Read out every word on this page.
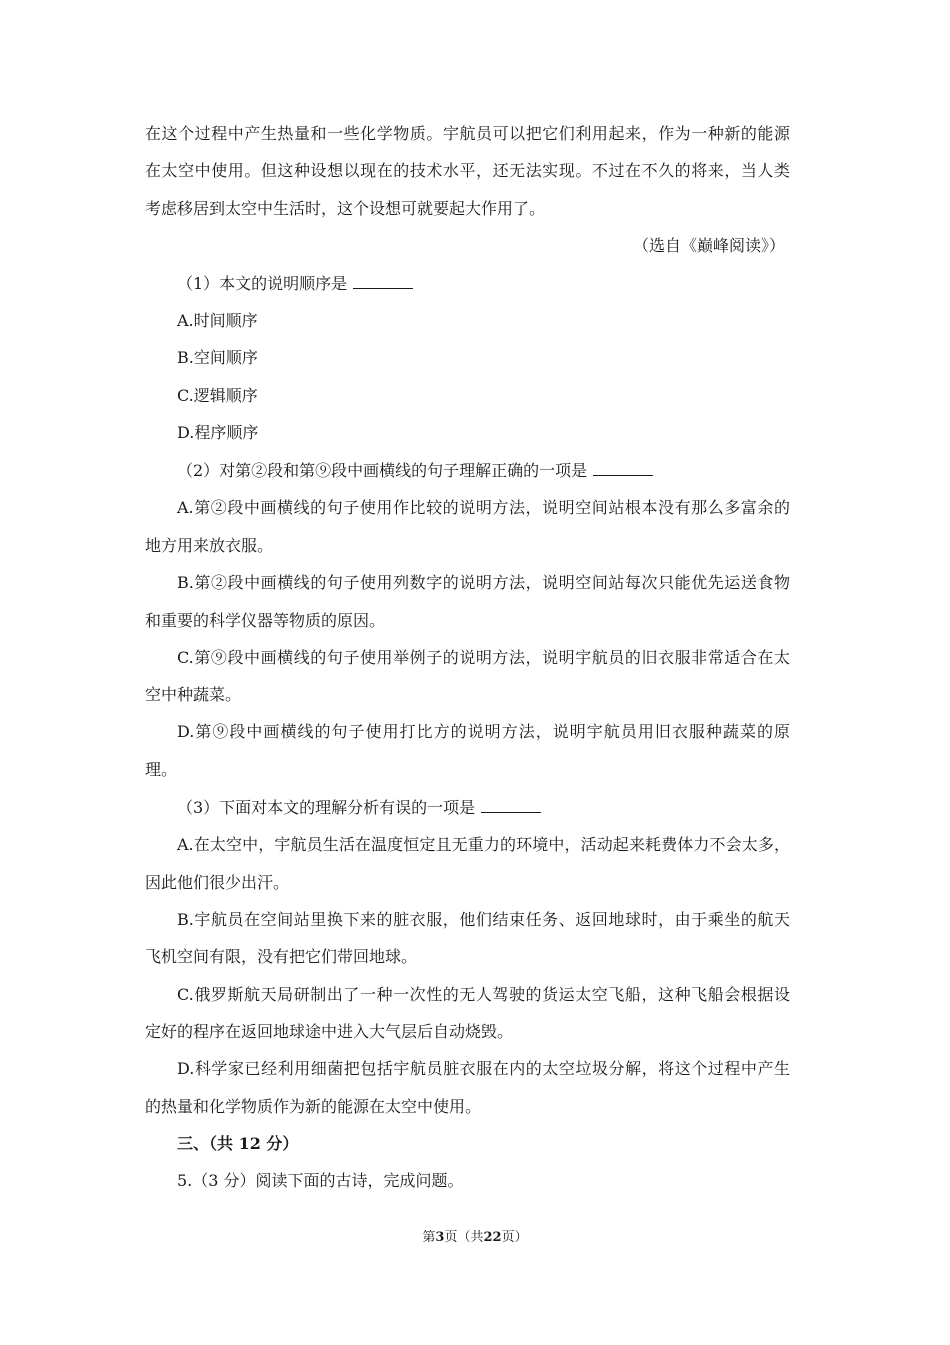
在这个过程中产生热量和一些化学物质。宇航员可以把它们利用起来，作为一种新的能源
在太空中使用。但这种设想以现在的技术水平，还无法实现。不过在不久的将来，当人类
考虑移居到太空中生活时，这个设想可就要起大作用了。
（选自《巅峰阅读》）
（1）本文的说明顺序是
A.时间顺序
B.空间顺序
C.逻辑顺序
D.程序顺序
（2）对第②段和第⑨段中画横线的句子理解正确的一项是
A.第②段中画横线的句子使用作比较的说明方法，说明空间站根本没有那么多富余的
地方用来放衣服。
B.第②段中画横线的句子使用列数字的说明方法，说明空间站每次只能优先运送食物
和重要的科学仪器等物质的原因。
C.第⑨段中画横线的句子使用举例子的说明方法，说明宇航员的旧衣服非常适合在太
空中种蔬菜。
D.第⑨段中画横线的句子使用打比方的说明方法，说明宇航员用旧衣服种蔬菜的原
理。
（3）下面对本文的理解分析有误的一项是
A.在太空中，宇航员生活在温度恒定且无重力的环境中，活动起来耗费体力不会太多，
因此他们很少出汗。
B.宇航员在空间站里换下来的脏衣服，他们结束任务、返回地球时，由于乘坐的航天
飞机空间有限，没有把它们带回地球。
C.俄罗斯航天局研制出了一种一次性的无人驾驶的货运太空飞船，这种飞船会根据设
定好的程序在返回地球途中进入大气层后自动烧毁。
D.科学家已经利用细菌把包括宇航员脏衣服在内的太空垃圾分解，将这个过程中产生
的热量和化学物质作为新的能源在太空中使用。
三、（共 12 分）
5.（3 分）阅读下面的古诗，完成问题。
第3页（共22页）
